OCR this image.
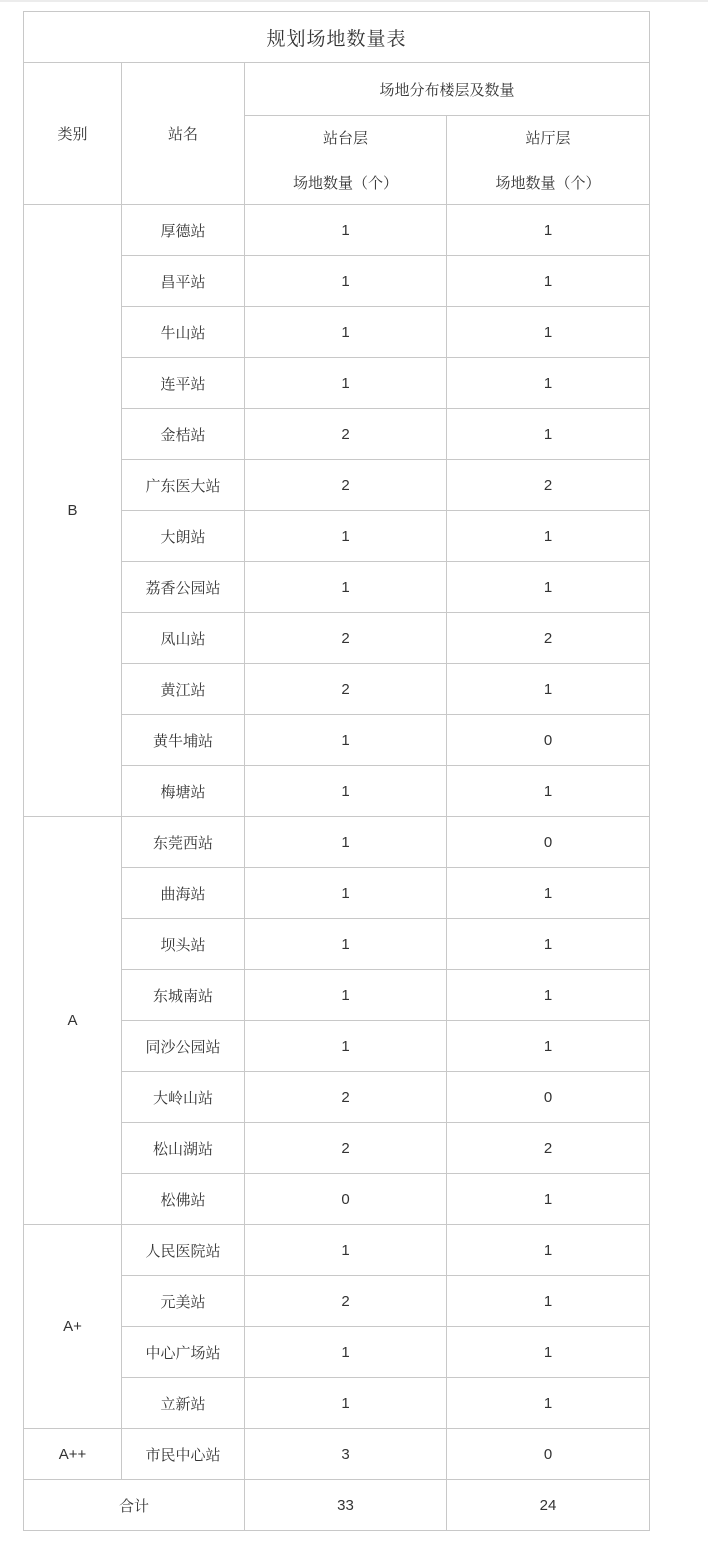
规划场地数量表			
类别	站名	场地分布楼层及数量	

站台层
场地数量（个）

站厅层
场地数量（个）

B	厚德站	1	1
	昌平站	1	1
	牛山站	1	1
	连平站	1	1
	金桔站	2	1
	广东医大站	2	2
	大朗站	1	1
	荔香公园站	1	1
	凤山站	2	2
	黄江站	2	1
	黄牛埔站	1	0
	梅塘站	1	1
A	东莞西站	1	0
	曲海站	1	1
	坝头站	1	1
	东城南站	1	1
	同沙公园站	1	1
	大岭山站	2	0
	松山湖站	2	2
	松佛站	0	1
A+	人民医院站	1	1
	元美站	2	1
	中心广场站	1	1
	立新站	1	1
A++	市民中心站	3	0
合计		33	24
